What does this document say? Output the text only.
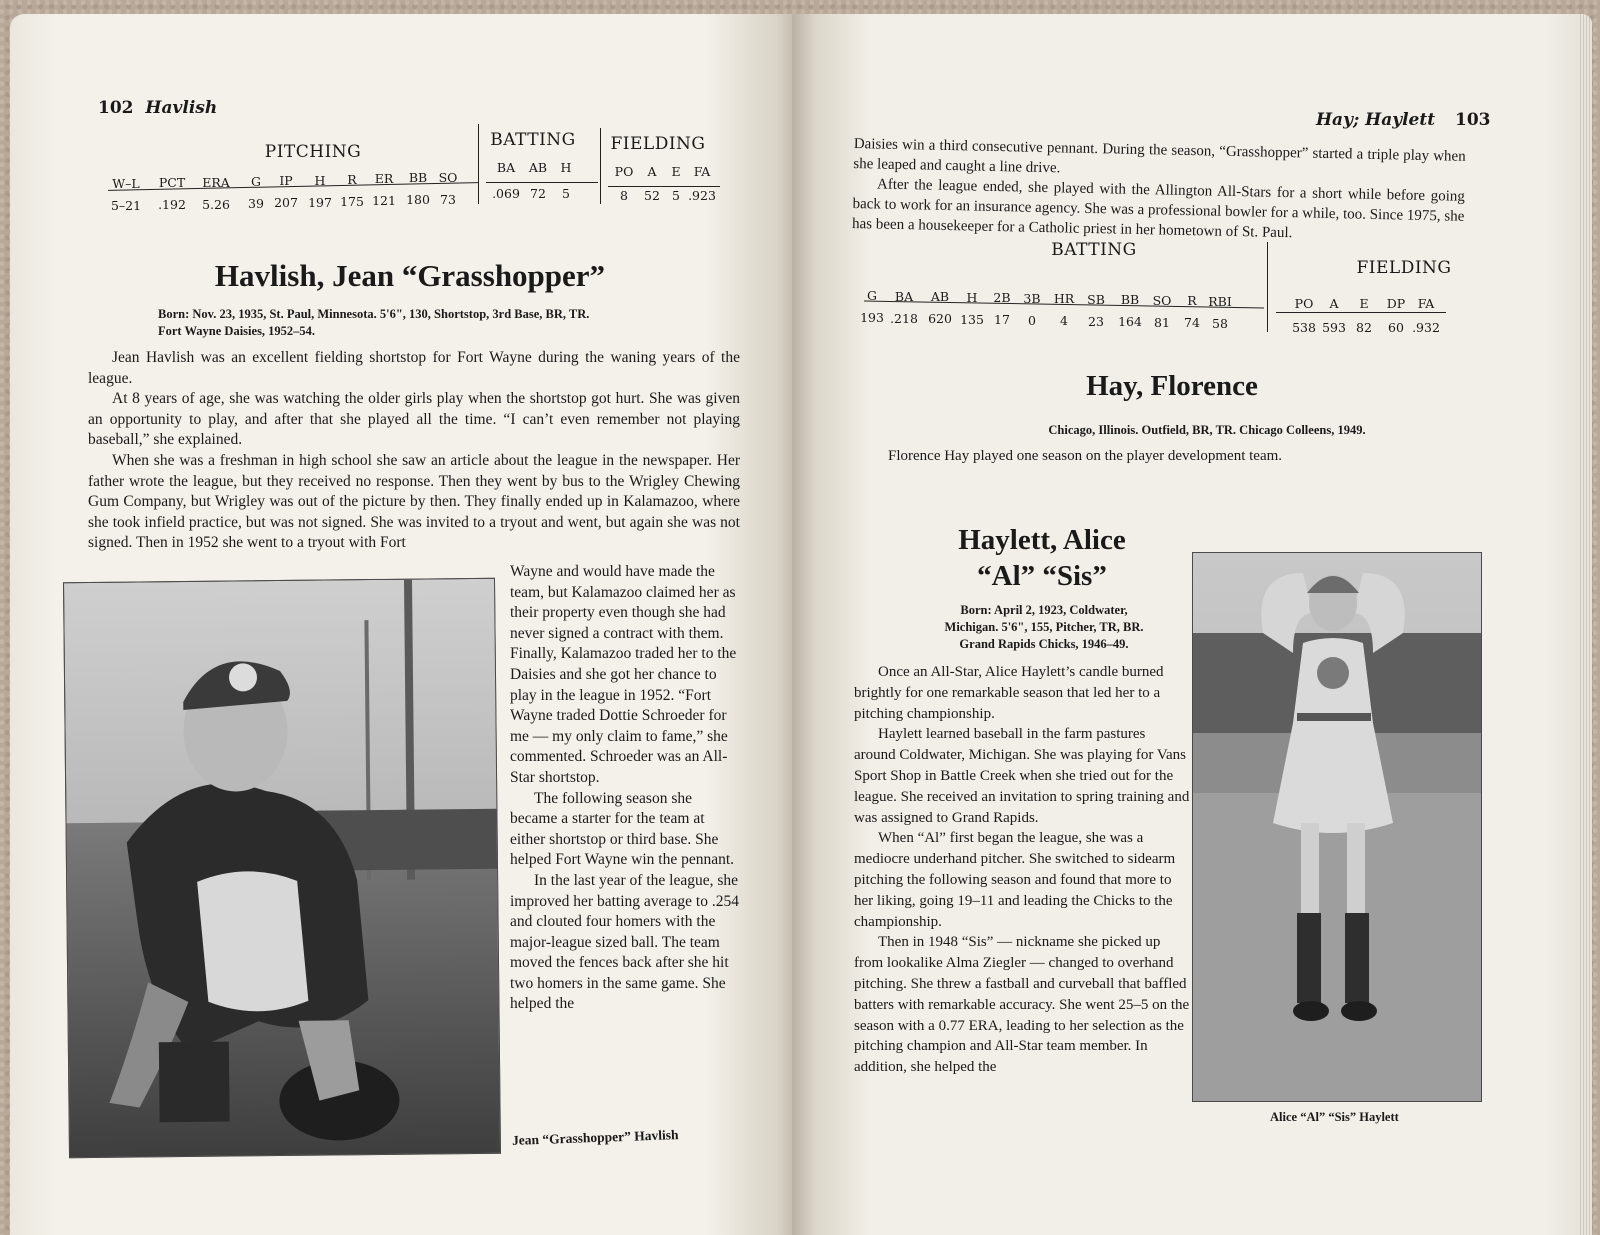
102 Havlish
PITCHING
BATTING	FIELDING
W–L	PCT	ERA	G	IP	H	R	ER	BB SO
5–21	.192	5.26	39 207 197 175 121 180 73
BA	AB	H
.069 72	5
PO	A	E	FA
8	52 5 .923
Havlish, Jean “Grasshopper”
Born: Nov. 23, 1935, St. Paul, Minnesota. 5'6", 130, Shortstop, 3rd Base, BR, TR.
Fort Wayne Daisies, 1952–54.

Jean Havlish was an excellent fielding shortstop for Fort Wayne during the waning years of the league.

At 8 years of age, she was watching the older girls play when the shortstop got hurt. She was given an opportunity to play, and after that she played all the time. “I can’t even remember not playing baseball,” she explained.

When she was a freshman in high school she saw an article about the league in the newspaper. Her father wrote the league, but they received no response. Then they went by bus to the Wrigley Chewing Gum Company, but Wrigley was out of the picture by then. They finally ended up in Kalamazoo, where she took infield practice, but was not signed. She was invited to a tryout and went, but again she was not signed. Then in 1952 she went to a tryout with Fort

Wayne and would have made the team, but Kalamazoo claimed her as their property even though she had never signed a contract with them. Finally, Kalamazoo traded her to the Daisies and she got her chance to play in the league in 1952. “Fort Wayne traded Dottie Schroeder for me — my only claim to fame,” she commented. Schroeder was an All-Star shortstop.

The following season she became a starter for the team at either shortstop or third base. She helped Fort Wayne win the pennant.

In the last year of the league, she improved her batting average to .254 and clouted four homers with the major-league sized ball. The team moved the fences back after she hit two homers in the same game. She helped the

Jean “Grasshopper” Havlish
Hay; Haylett 103

Daisies win a third consecutive pennant. During the season, “Grasshopper” started a triple play when she leaped and caught a line drive.

After the league ended, she played with the Allington All-Stars for a short while before going back to work for an insurance agency. She was a professional bowler for a while, too. Since 1975, she has been a housekeeper for a Catholic priest in her hometown of St. Paul.

BATTING
FIELDING
G	BA	AB	H	2B	3B	HR	SB	BB	SO	R RBI
193 .218 620 135 17	0	4	23	164 81	74 58
PO	A	E	DP FA
538 593 82	60 .932
Hay, Florence
Chicago, Illinois. Outfield, BR, TR. Chicago Colleens, 1949.
Florence Hay played one season on the player development team.
Haylett, Alice
“Al” “Sis”
Born: April 2, 1923, Coldwater,
Michigan. 5'6", 155, Pitcher, TR, BR.
Grand Rapids Chicks, 1946–49.

Once an All-Star, Alice Haylett’s candle burned brightly for one remarkable season that led her to a pitching championship.

Haylett learned baseball in the farm pastures around Coldwater, Michigan. She was playing for Vans Sport Shop in Battle Creek when she tried out for the league. She received an invitation to spring training and was assigned to Grand Rapids.

When “Al” first began the league, she was a mediocre underhand pitcher. She switched to sidearm pitching the following season and found that more to her liking, going 19–11 and leading the Chicks to the championship.

Then in 1948 “Sis” — nickname she picked up from lookalike Alma Ziegler — changed to overhand pitching. She threw a fastball and curveball that baffled batters with remarkable accuracy. She went 25–5 on the season with a 0.77 ERA, leading to her selection as the pitching champion and All-Star team member. In addition, she helped the

Alice “Al” “Sis” Haylett
